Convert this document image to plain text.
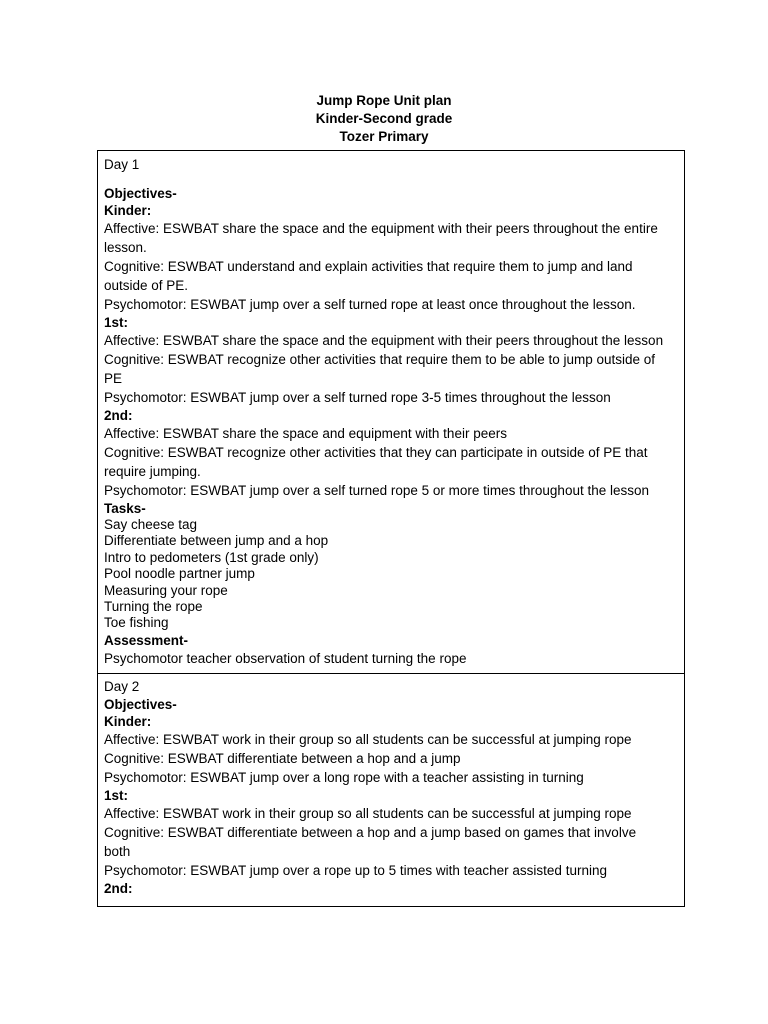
Jump Rope Unit plan
Kinder-Second grade
Tozer Primary
Day 1
Objectives-
Kinder:
Affective: ESWBAT share the space and the equipment with their peers throughout the entire
lesson.
Cognitive: ESWBAT understand and explain activities that require them to jump and land
outside of PE.
Psychomotor: ESWBAT jump over a self turned rope at least once throughout the lesson.
1st:
Affective: ESWBAT share the space and the equipment with their peers throughout the lesson
Cognitive: ESWBAT recognize other activities that require them to be able to jump outside of
PE
Psychomotor: ESWBAT jump over a self turned rope 3-5 times throughout the lesson
2nd:
Affective: ESWBAT share the space and equipment with their peers
Cognitive: ESWBAT recognize other activities that they can participate in outside of PE that
require jumping.
Psychomotor: ESWBAT jump over a self turned rope 5 or more times throughout the lesson
Tasks-
Say cheese tag
Differentiate between jump and a hop
Intro to pedometers (1st grade only)
Pool noodle partner jump
Measuring your rope
Turning the rope
Toe fishing
Assessment-
Psychomotor teacher observation of student turning the rope
Day 2
Objectives-
Kinder:
Affective: ESWBAT work in their group so all students can be successful at jumping rope
Cognitive: ESWBAT differentiate between a hop and a jump
Psychomotor: ESWBAT jump over a long rope with a teacher assisting in turning
1st:
Affective: ESWBAT work in their group so all students can be successful at jumping rope
Cognitive: ESWBAT differentiate between a hop and a jump based on games that involve
both
Psychomotor: ESWBAT jump over a rope up to 5 times with teacher assisted turning
2nd:
